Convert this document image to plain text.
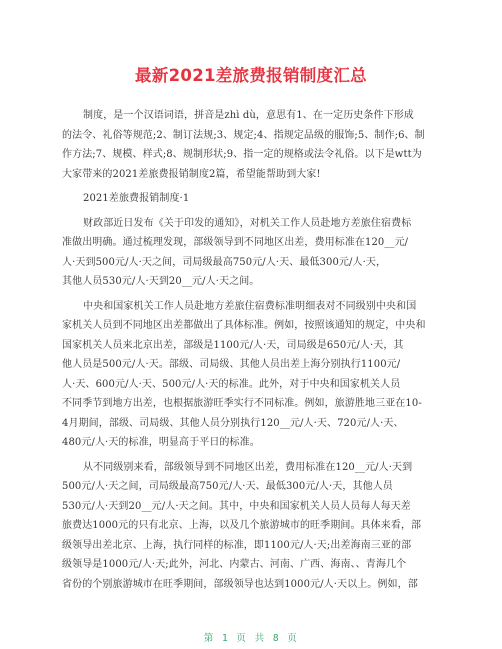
最新2021差旅费报销制度汇总
制度，是一个汉语词语，拼音是zhì dù，意思有1、在一定历史条件下形成
的法令、礼俗等规范;2、制订法规;3、规定;4、指规定品级的服饰;5、制作;6、制
作方法;7、规模、样式;8、规制形状;9、指一定的规格或法令礼俗。以下是wtt为
大家带来的2021差旅费报销制度2篇，希望能帮助到大家!
2021差旅费报销制度·1
财政部近日发布《关于印发的通知》，对机关工作人员赴地方差旅住宿费标
准做出明确。通过梳理发现，部级领导到不同地区出差，费用标准在120__元/
人·天到500元/人·天之间，司局级最高750元/人·天、最低300元/人·天，
其他人员530元/人·天到20__元/人·天之间。
中央和国家机关工作人员赴地方差旅住宿费标准明细表对不同级别中央和国
家机关人员到不同地区出差都做出了具体标准。例如，按照该通知的规定，中央和
国家机关人员来北京出差，部级是1100元/人·天，司局级是650元/人·天，其
他人员是500元/人·天。部级、司局级、其他人员出差上海分别执行1100元/
人·天、600元/人·天、500元/人·天的标准。此外，对于中央和国家机关人员
不同季节到地方出差，也根据旅游旺季实行不同标准。例如，旅游胜地三亚在10-
4月期间，部级、司局级、其他人员分别执行120__元/人·天、720元/人·天、
480元/人·天的标准，明显高于平日的标准。
从不同级别来看，部级领导到不同地区出差，费用标准在120__元/人·天到
500元/人·天之间，司局级最高750元/人·天、最低300元/人·天，其他人员
530元/人·天到20__元/人·天之间。其中，中央和国家机关人员人员每人每天差
旅费达1000元的只有北京、上海，以及几个旅游城市的旺季期间。具体来看，部
级领导出差北京、上海，执行同样的标准，即1100元/人·天;出差海南三亚的部
级领导是1000元/人·天;此外，河北、内蒙古、河南、广西、海南、、青海几个
省份的个别旅游城市在旺季期间，部级领导也达到1000元/人·天以上。例如，部
第 1 页 共 8 页
